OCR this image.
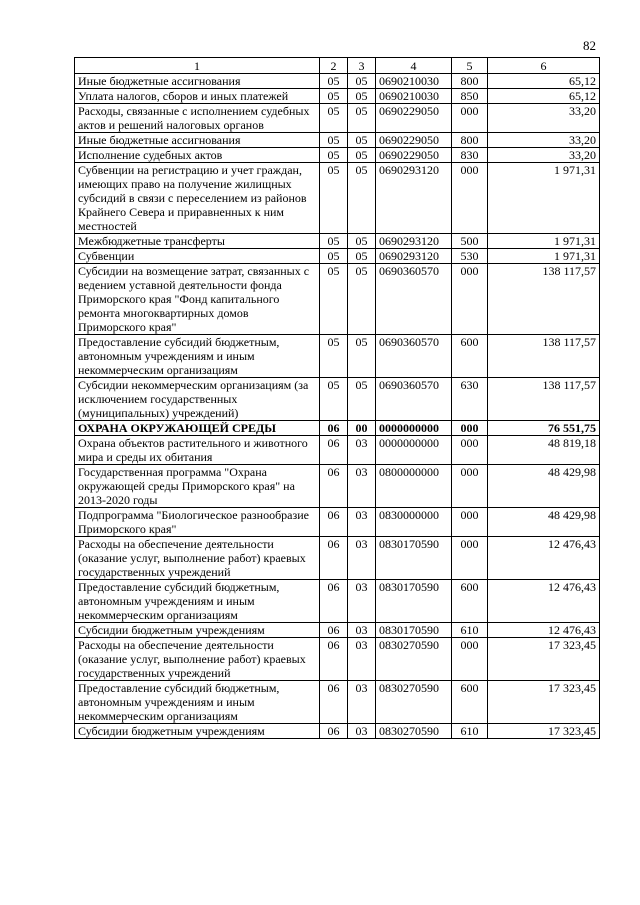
82
1	2	3	4	5	6
Иные бюджетные ассигнования	05	05	0690210030	800	65,12
Уплата налогов, сборов и иных платежей	05	05	0690210030	850	65,12
Расходы, связанные с исполнением судебных актов и решений налоговых органов	05	05	0690229050	000	33,20
Иные бюджетные ассигнования	05	05	0690229050	800	33,20
Исполнение судебных актов	05	05	0690229050	830	33,20
Субвенции на регистрацию и учет граждан, имеющих право на получение жилищных субсидий в связи с переселением из районов Крайнего Севера и приравненных к ним местностей	05	05	0690293120	000	1 971,31
Межбюджетные трансферты	05	05	0690293120	500	1 971,31
Субвенции	05	05	0690293120	530	1 971,31
Субсидии на возмещение затрат, связанных с ведением уставной деятельности фонда Приморского края "Фонд капитального ремонта многоквартирных домов Приморского края"	05	05	0690360570	000	138 117,57
Предоставление субсидий бюджетным, автономным учреждениям и иным некоммерческим организациям	05	05	0690360570	600	138 117,57
Субсидии некоммерческим организациям (за исключением государственных (муниципальных) учреждений)	05	05	0690360570	630	138 117,57
ОХРАНА ОКРУЖАЮЩЕЙ СРЕДЫ	06	00	0000000000	000	76 551,75
Охрана объектов растительного и животного мира и среды их обитания	06	03	0000000000	000	48 819,18
Государственная программа "Охрана окружающей среды Приморского края" на 2013-2020 годы	06	03	0800000000	000	48 429,98
Подпрограмма "Биологическое разнообразие Приморского края"	06	03	0830000000	000	48 429,98
Расходы на обеспечение деятельности (оказание услуг, выполнение работ) краевых государственных учреждений	06	03	0830170590	000	12 476,43
Предоставление субсидий бюджетным, автономным учреждениям и иным некоммерческим организациям	06	03	0830170590	600	12 476,43
Субсидии бюджетным учреждениям	06	03	0830170590	610	12 476,43
Расходы на обеспечение деятельности (оказание услуг, выполнение работ) краевых государственных учреждений	06	03	0830270590	000	17 323,45
Предоставление субсидий бюджетным, автономным учреждениям и иным некоммерческим организациям	06	03	0830270590	600	17 323,45
Субсидии бюджетным учреждениям	06	03	0830270590	610	17 323,45
